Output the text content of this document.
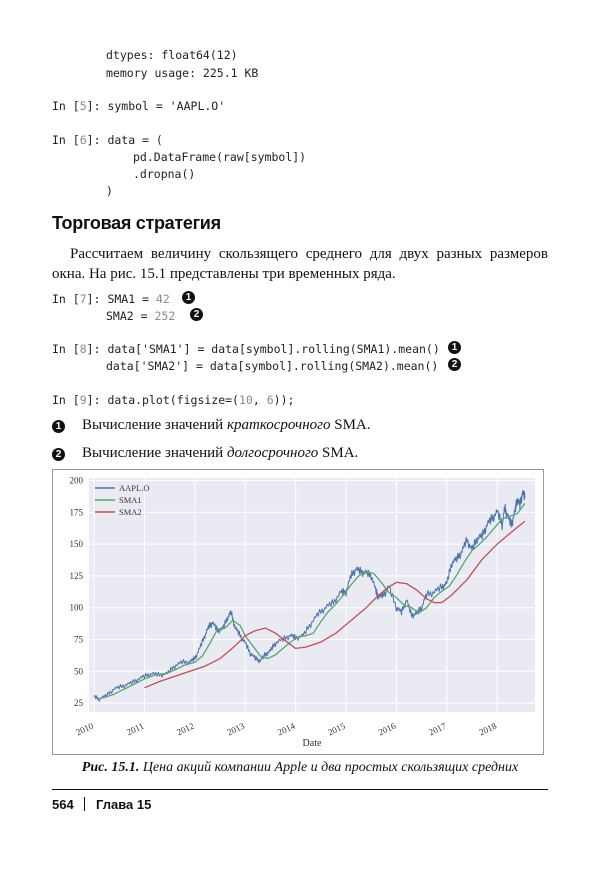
dtypes: float64(12)
memory usage: 225.1 KB
In [5]: symbol = 'AAPL.O'
In [6]: data = (
pd.DataFrame(raw[symbol])
.dropna()
)
Торговая стратегия
Рассчитаем величину скользящего среднего для двух разных размеров окна. На рис. 15.1 представлены три временных ряда.
In [7]: SMA1 = 42	1
SMA2 = 252	2
In [8]: data['SMA1'] = data[symbol].rolling(SMA1).mean()	1
data['SMA2'] = data[symbol].rolling(SMA2).mean()	2
In [9]: data.plot(figsize=(10, 6));
1 Вычисление значений краткосрочного SMA.
2 Вычисление значений долгосрочного SMA.
25
50
75
100
125
150
175
200
2010	2011	2012	2013	2014	2015	2016	2017	2018
Date
AAPL.O
SMA1
SMA2
Рис. 15.1. Цена акций компании Apple и два простых скользящих средних
564 Глава 15
